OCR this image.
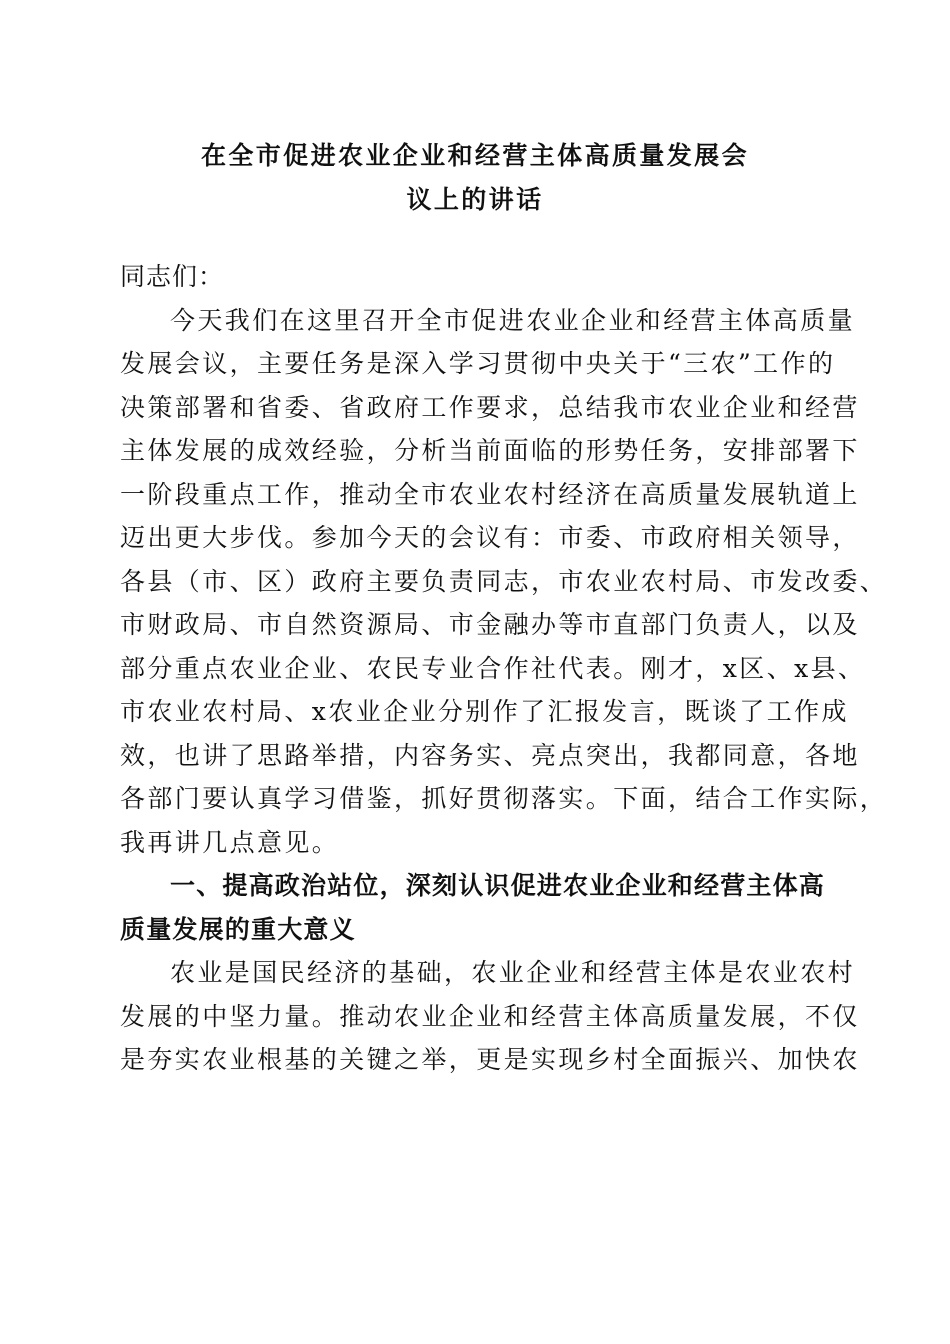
在全市促进农业企业和经营主体高质量发展会
议上的讲话
同志们：
今天我们在这里召开全市促进农业企业和经营主体高质量
发展会议，主要任务是深入学习贯彻中央关于“三农”工作的
决策部署和省委、省政府工作要求，总结我市农业企业和经营
主体发展的成效经验，分析当前面临的形势任务，安排部署下
一阶段重点工作，推动全市农业农村经济在高质量发展轨道上
迈出更大步伐。参加今天的会议有：市委、市政府相关领导，
各县（市、区）政府主要负责同志，市农业农村局、市发改委、
市财政局、市自然资源局、市金融办等市直部门负责人，以及
部分重点农业企业、农民专业合作社代表。刚才，x区、x县、
市农业农村局、x农业企业分别作了汇报发言，既谈了工作成
效，也讲了思路举措，内容务实、亮点突出，我都同意，各地
各部门要认真学习借鉴，抓好贯彻落实。下面，结合工作实际，
我再讲几点意见。
一、提高政治站位，深刻认识促进农业企业和经营主体高
质量发展的重大意义
农业是国民经济的基础，农业企业和经营主体是农业农村
发展的中坚力量。推动农业企业和经营主体高质量发展，不仅
是夯实农业根基的关键之举，更是实现乡村全面振兴、加快农
